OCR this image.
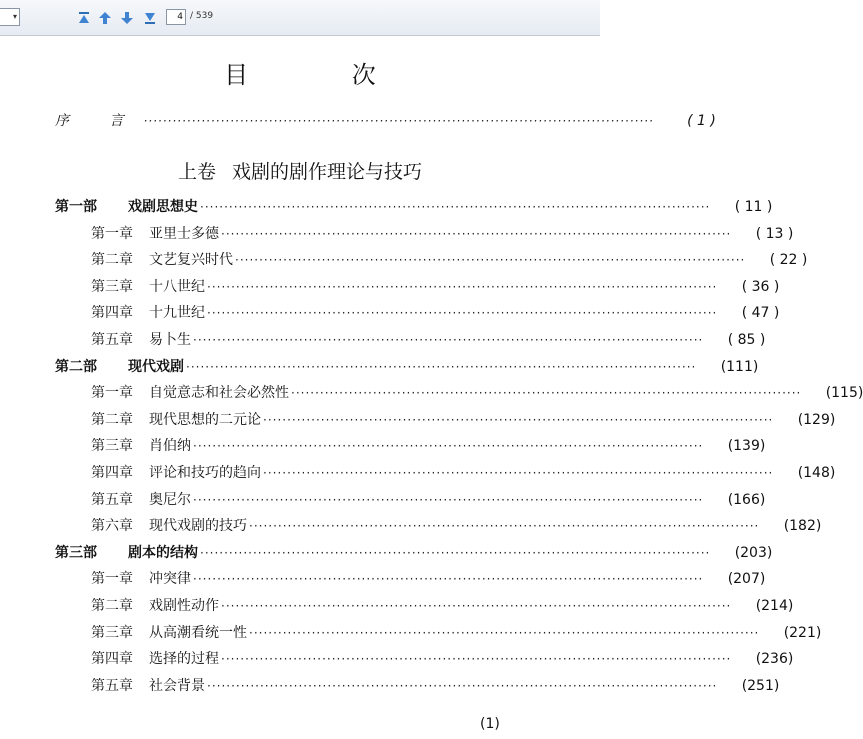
▾
4	/ 539
目 次
序 言 ··········································································································	( 1 )
上卷 戏剧的剧作理论与技巧
第一部	戏剧思想史 ··········································································································	( 11 )
第一章	亚里士多德 ··········································································································	( 13 )
第二章	文艺复兴时代 ··········································································································	( 22 )
第三章	十八世纪 ··········································································································	( 36 )
第四章	十九世纪 ··········································································································	( 47 )
第五章	易卜生 ··········································································································	( 85 )
第二部	现代戏剧 ··········································································································	(111)
第一章	自觉意志和社会必然性 ··········································································································	(115)
第二章	现代思想的二元论 ··········································································································	(129)
第三章	肖伯纳 ··········································································································	(139)
第四章	评论和技巧的趋向 ··········································································································	(148)
第五章	奥尼尔 ··········································································································	(166)
第六章	现代戏剧的技巧 ··········································································································	(182)
第三部	剧本的结构 ··········································································································	(203)
第一章	冲突律 ··········································································································	(207)
第二章	戏剧性动作 ··········································································································	(214)
第三章	从高潮看统一性 ··········································································································	(221)
第四章	选择的过程 ··········································································································	(236)
第五章	社会背景 ··········································································································	(251)
(1)
